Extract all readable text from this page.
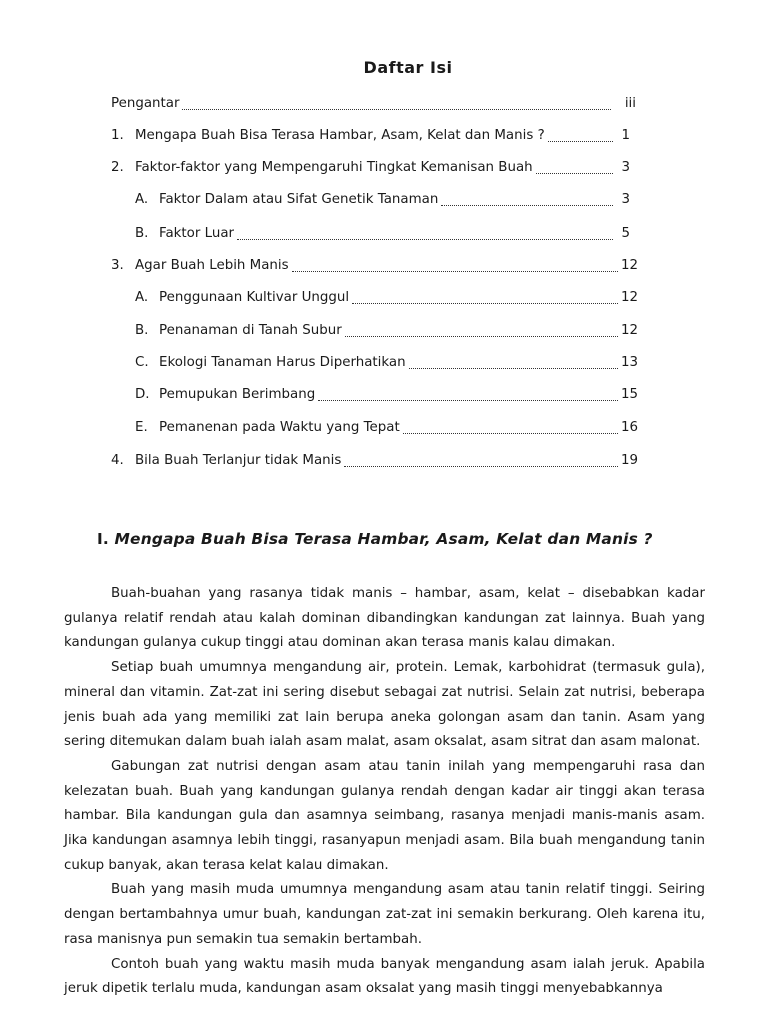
Daftar Isi
Pengantar	iii
1. Mengapa Buah Bisa Terasa Hambar, Asam, Kelat dan Manis ?	1
2. Faktor-faktor yang Mempengaruhi Tingkat Kemanisan Buah	3
A. Faktor Dalam atau Sifat Genetik Tanaman	3
B. Faktor Luar	5
3. Agar Buah Lebih Manis	12
A. Penggunaan Kultivar Unggul	12
B. Penanaman di Tanah Subur	12
C. Ekologi Tanaman Harus Diperhatikan	13
D. Pemupukan Berimbang	15
E. Pemanenan pada Waktu yang Tepat	16
4. Bila Buah Terlanjur tidak Manis	19
I. Mengapa Buah Bisa Terasa Hambar, Asam, Kelat dan Manis ?

Buah-buahan yang rasanya tidak manis – hambar, asam, kelat – disebabkan kadar gulanya relatif rendah atau kalah dominan dibandingkan kandungan zat lainnya. Buah yang kandungan gulanya cukup tinggi atau dominan akan terasa manis kalau dimakan.

Setiap buah umumnya mengandung air, protein. Lemak, karbohidrat (termasuk gula), mineral dan vitamin. Zat-zat ini sering disebut sebagai zat nutrisi. Selain zat nutrisi, beberapa jenis buah ada yang memiliki zat lain berupa aneka golongan asam dan tanin. Asam yang sering ditemukan dalam buah ialah asam malat, asam oksalat, asam sitrat dan asam malonat.

Gabungan zat nutrisi dengan asam atau tanin inilah yang mempengaruhi rasa dan kelezatan buah. Buah yang kandungan gulanya rendah dengan kadar air tinggi akan terasa hambar. Bila kandungan gula dan asamnya seimbang, rasanya menjadi manis-manis asam. Jika kandungan asamnya lebih tinggi, rasanyapun menjadi asam. Bila buah mengandung tanin cukup banyak, akan terasa kelat kalau dimakan.

Buah yang masih muda umumnya mengandung asam atau tanin relatif tinggi. Seiring dengan bertambahnya umur buah, kandungan zat-zat ini semakin berkurang. Oleh karena itu, rasa manisnya pun semakin tua semakin bertambah.

Contoh buah yang waktu masih muda banyak mengandung asam ialah jeruk. Apabila jeruk dipetik terlalu muda, kandungan asam oksalat yang masih tinggi menyebabkannya
